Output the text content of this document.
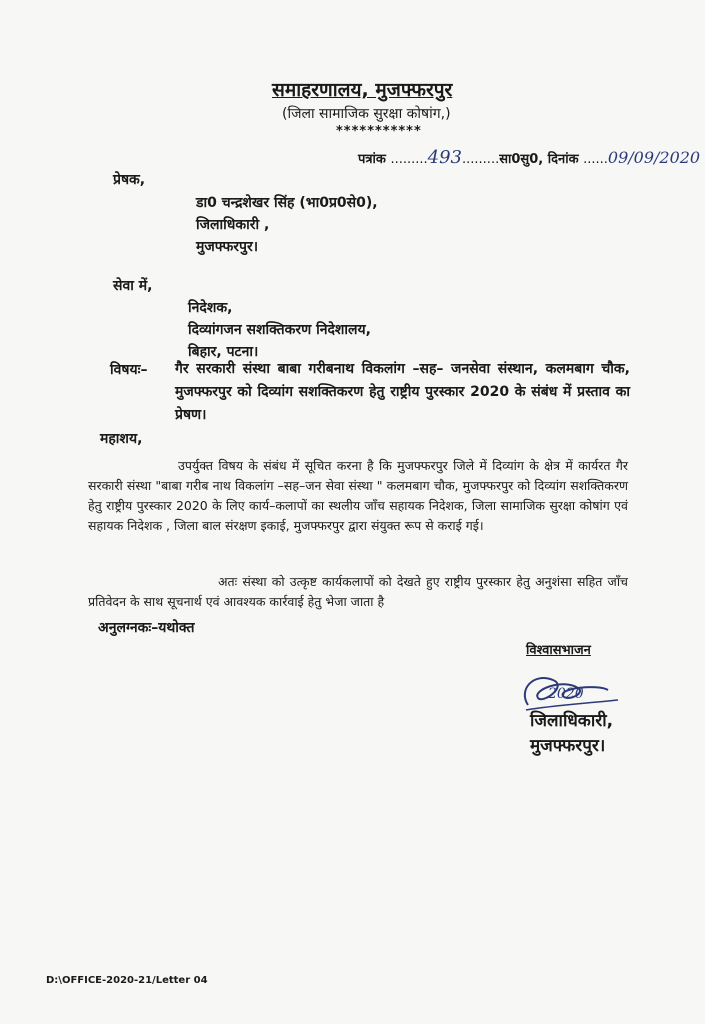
समाहरणालय, मुजफ्फरपुर
(जिला सामाजिक सुरक्षा कोषांग,)
***********
पत्रांक .........493.........सा0सु0, दिनांक ......09/09/2020
प्रेषक,
डा0 चन्द्रशेखर सिंह (भा0प्र0से0),
जिलाधिकारी ,
मुजफ्फरपुर।
सेवा में,
निदेशक,
दिव्यांगजन सशक्तिकरण निदेशालय,
बिहार, पटना।
विषयः– गैर सरकारी संस्था बाबा गरीबनाथ विकलांग –सह– जनसेवा संस्थान, कलमबाग चौक, मुजफ्फरपुर को दिव्यांग सशक्तिकरण हेतु राष्ट्रीय पुरस्कार 2020 के संबंध में प्रस्ताव का प्रेषण।
महाशय,
उपर्युक्त विषय के संबंध में सूचित करना है कि मुजफ्फरपुर जिले में दिव्यांग के क्षेत्र में कार्यरत गैर सरकारी संस्था "बाबा गरीब नाथ विकलांग –सह–जन सेवा संस्था " कलमबाग चौक, मुजफ्फरपुर को दिव्यांग सशक्तिकरण हेतु राष्ट्रीय पुरस्कार 2020 के लिए कार्य–कलापों का स्थलीय जाँच सहायक निदेशक, जिला सामाजिक सुरक्षा कोषांग एवं सहायक निदेशक , जिला बाल संरक्षण इकाई, मुजफ्फरपुर द्वारा संयुक्त रूप से कराई गई।
अतः संस्था को उत्कृष्ट कार्यकलापों को देखते हुए राष्ट्रीय पुरस्कार हेतु अनुशंसा सहित जाँच प्रतिवेदन के साथ सूचनार्थ एवं आवश्यक कार्रवाई हेतु भेजा जाता है
अनुलग्नकः–यथोक्त
विश्वासभाजन
2020
जिलाधिकारी,
मुजफ्फरपुर।
D:\OFFICE-2020-21/Letter 04
